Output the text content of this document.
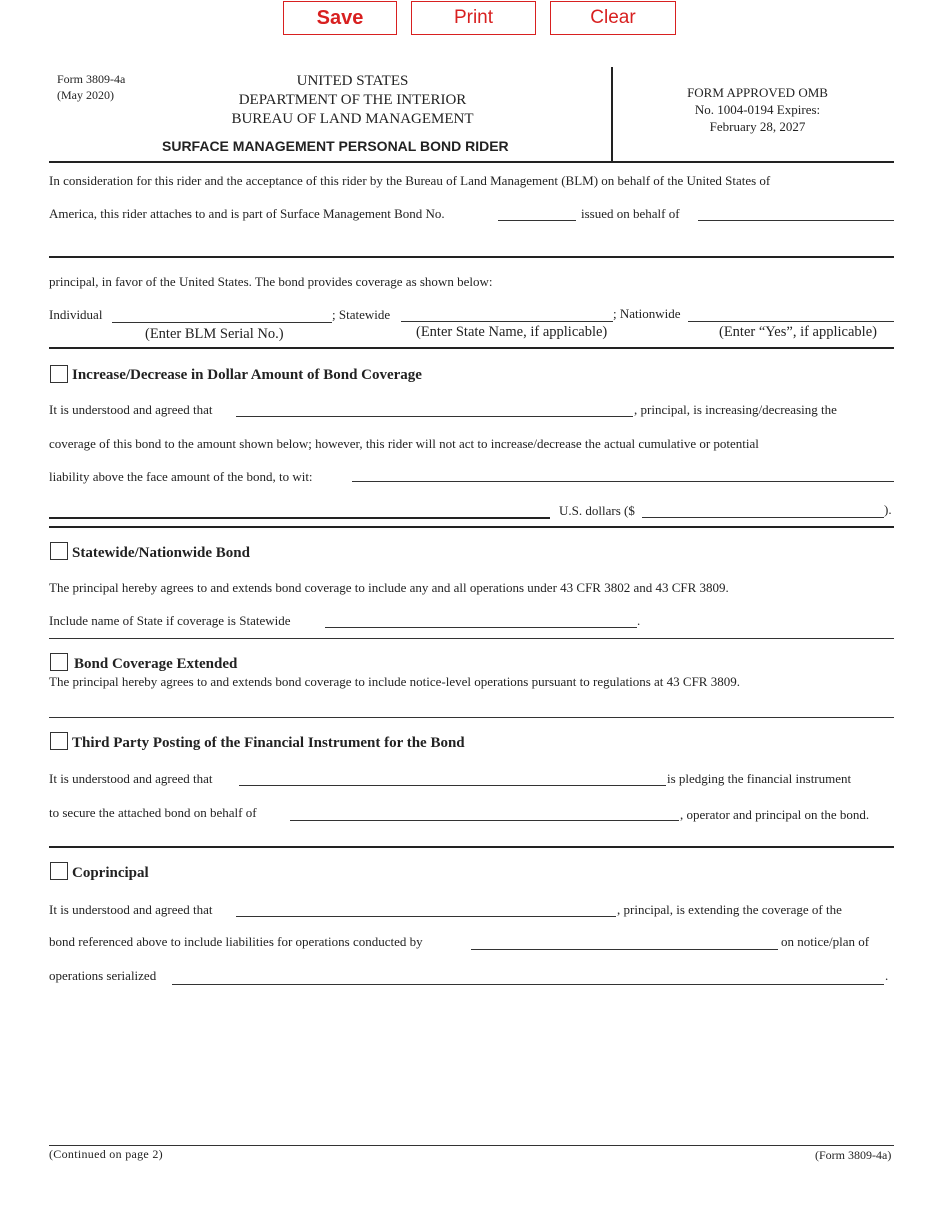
Save	Print	Clear
Form 3809-4a
(May 2020)
UNITED STATES
DEPARTMENT OF THE INTERIOR
BUREAU OF LAND MANAGEMENT
SURFACE MANAGEMENT PERSONAL BOND RIDER
FORM APPROVED OMB
No. 1004-0194 Expires:
February 28, 2027
In consideration for this rider and the acceptance of this rider by the Bureau of Land Management (BLM) on behalf of the United States of
America, this rider attaches to and is part of Surface Management Bond No.	issued on behalf of
principal, in favor of the United States. The bond provides coverage as shown below:
Individual	; Statewide	; Nationwide
(Enter BLM Serial No.)	(Enter State Name, if applicable)	(Enter “Yes”, if applicable)
Increase/Decrease in Dollar Amount of Bond Coverage
It is understood and agreed that	, principal, is increasing/decreasing the
coverage of this bond to the amount shown below; however, this rider will not act to increase/decrease the actual cumulative or potential
liability above the face amount of the bond, to wit:
U.S. dollars ($	).
Statewide/Nationwide Bond
The principal hereby agrees to and extends bond coverage to include any and all operations under 43 CFR 3802 and 43 CFR 3809.
Include name of State if coverage is Statewide	.
Bond Coverage Extended
The principal hereby agrees to and extends bond coverage to include notice-level operations pursuant to regulations at 43 CFR 3809.
Third Party Posting of the Financial Instrument for the Bond
It is understood and agreed that	is pledging the financial instrument
to secure the attached bond on behalf of	, operator and principal on the bond.
Coprincipal
It is understood and agreed that	, principal, is extending the coverage of the
bond referenced above to include liabilities for operations conducted by	on notice/plan of
operations serialized	.
(Continued on page 2)	(Form 3809-4a)
